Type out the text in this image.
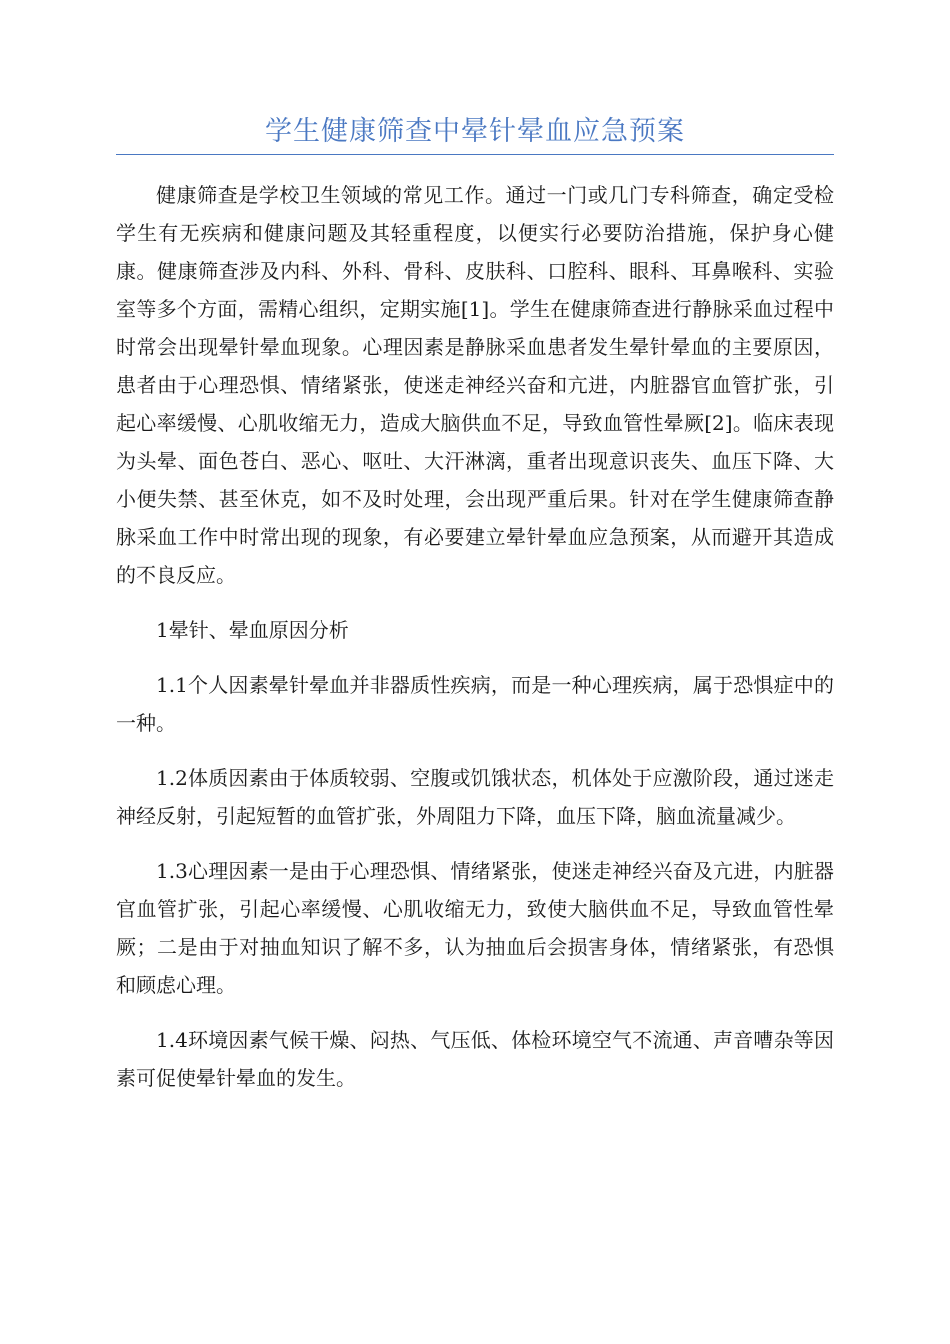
学生健康筛查中晕针晕血应急预案

健康筛查是学校卫生领域的常见工作。通过一门或几门专科筛查，确定受检学生有无疾病和健康问题及其轻重程度，以便实行必要防治措施，保护身心健康。健康筛查涉及内科、外科、骨科、皮肤科、口腔科、眼科、耳鼻喉科、实验室等多个方面，需精心组织，定期实施[1]。学生在健康筛查进行静脉采血过程中时常会出现晕针晕血现象。心理因素是静脉采血患者发生晕针晕血的主要原因，患者由于心理恐惧、情绪紧张，使迷走神经兴奋和亢进，内脏器官血管扩张，引起心率缓慢、心肌收缩无力，造成大脑供血不足，导致血管性晕厥[2]。临床表现为头晕、面色苍白、恶心、呕吐、大汗淋漓，重者出现意识丧失、血压下降、大小便失禁、甚至休克，如不及时处理，会出现严重后果。针对在学生健康筛查静脉采血工作中时常出现的现象，有必要建立晕针晕血应急预案，从而避开其造成的不良反应。

1晕针、晕血原因分析

1.1个人因素晕针晕血并非器质性疾病，而是一种心理疾病，属于恐惧症中的一种。

1.2体质因素由于体质较弱、空腹或饥饿状态，机体处于应激阶段，通过迷走神经反射，引起短暂的血管扩张，外周阻力下降，血压下降，脑血流量减少。

1.3心理因素一是由于心理恐惧、情绪紧张，使迷走神经兴奋及亢进，内脏器官血管扩张，引起心率缓慢、心肌收缩无力，致使大脑供血不足，导致血管性晕厥；二是由于对抽血知识了解不多，认为抽血后会损害身体，情绪紧张，有恐惧和顾虑心理。

1.4环境因素气候干燥、闷热、气压低、体检环境空气不流通、声音嘈杂等因素可促使晕针晕血的发生。
